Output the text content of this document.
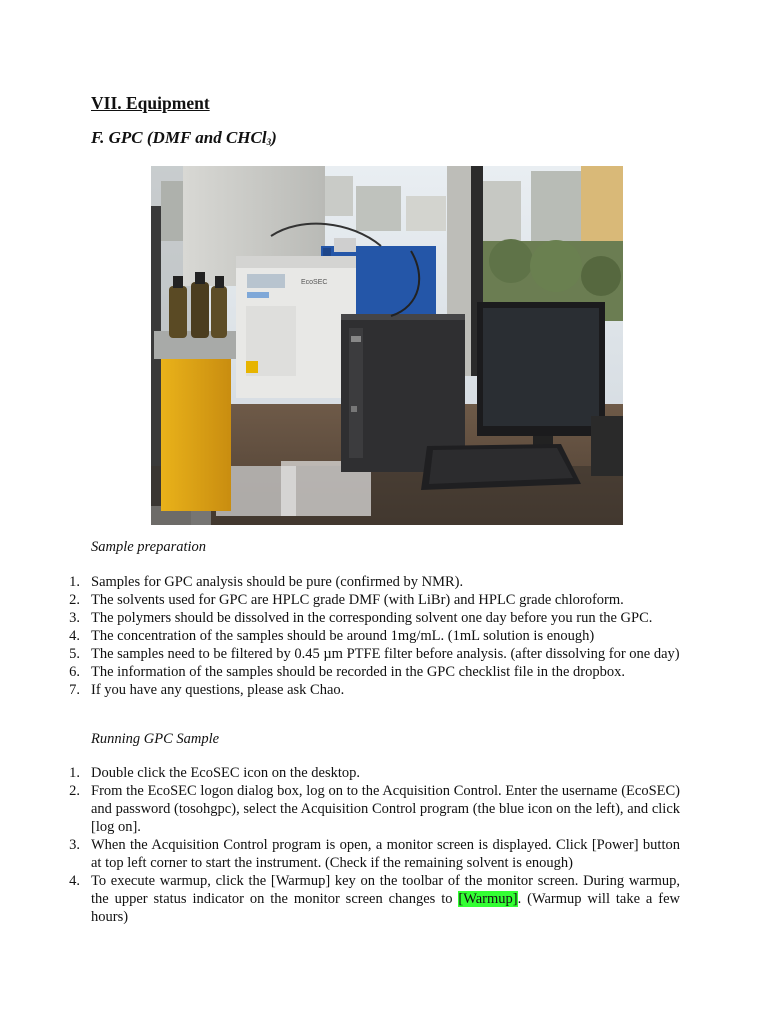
VII. Equipment
F. GPC (DMF and CHCl$_3$)
EcoSEC

Sample preparation

1. Samples for GPC analysis should be pure (confirmed by NMR).
2. The solvents used for GPC are HPLC grade DMF (with LiBr) and HPLC grade chloroform.
3. The polymers should be dissolved in the corresponding solvent one day before you run the GPC.
4. The concentration of the samples should be around 1mg/mL. (1mL solution is enough)
5. The samples need to be filtered by 0.45 µm PTFE filter before analysis. (after dissolving for one day)
6. The information of the samples should be recorded in the GPC checklist file in the dropbox.
7. If you have any questions, please ask Chao.

Running GPC Sample

1. Double click the EcoSEC icon on the desktop.
2. From the EcoSEC logon dialog box, log on to the Acquisition Control. Enter the username (EcoSEC) and password (tosohgpc), select the Acquisition Control program (the blue icon on the left), and click [log on].
3. When the Acquisition Control program is open, a monitor screen is displayed. Click [Power] button at top left corner to start the instrument. (Check if the remaining solvent is enough)
4. To execute warmup, click the [Warmup] key on the toolbar of the monitor screen. During warmup, the upper status indicator on the monitor screen changes to [Warmup]. (Warmup will take a few hours)
